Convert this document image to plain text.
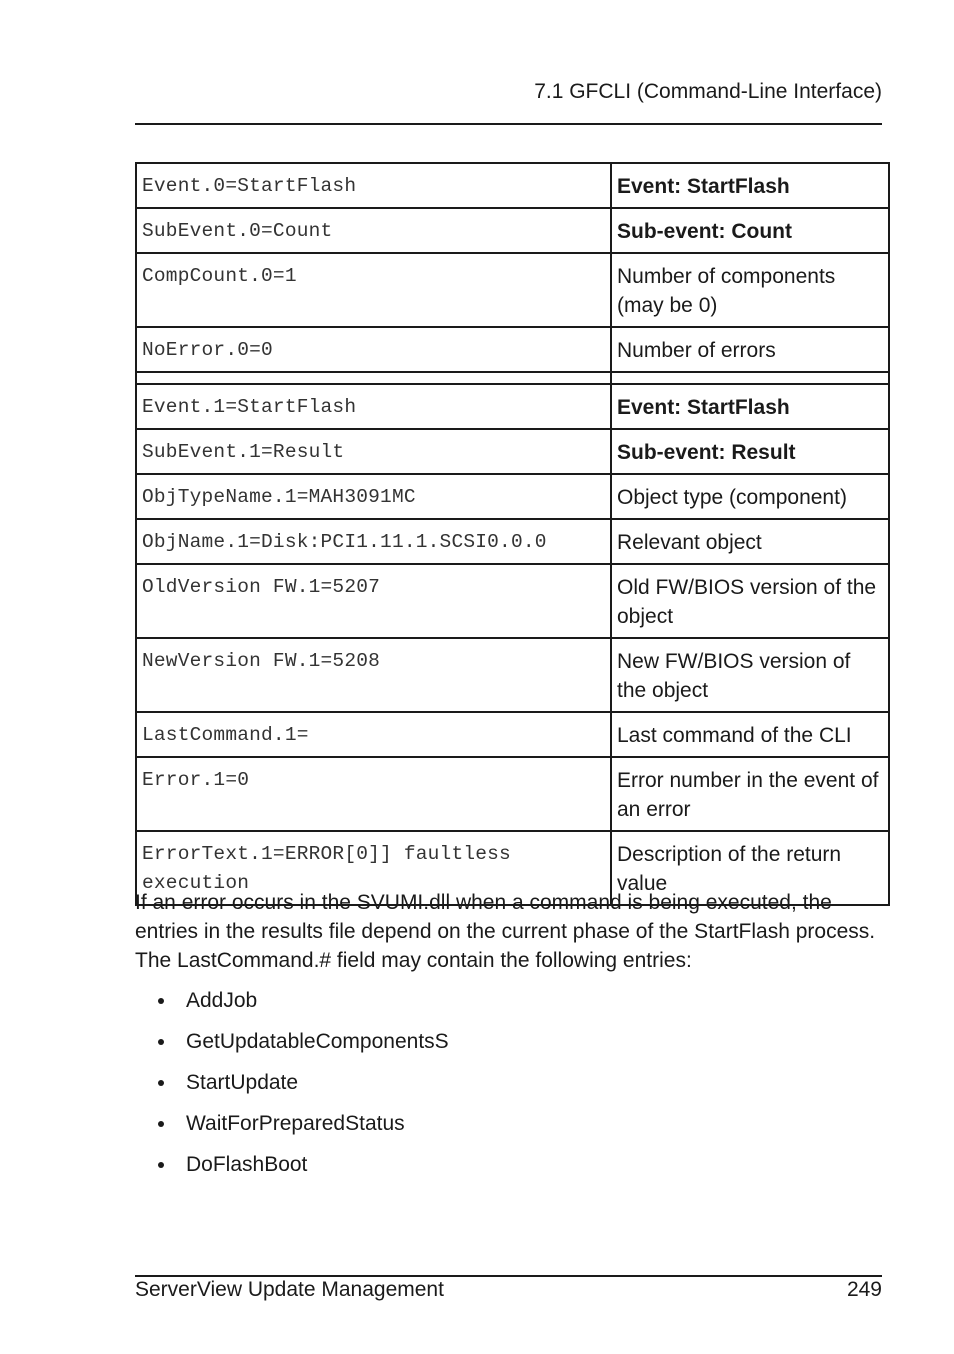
7.1 GFCLI (Command-Line Interface)
Event.0=StartFlash	Event: StartFlash
SubEvent.0=Count	Sub-event: Count
CompCount.0=1	Number of components (may be 0)
NoError.0=0	Number of errors

Event.1=StartFlash	Event: StartFlash
SubEvent.1=Result	Sub-event: Result
ObjTypeName.1=MAH3091MC	Object type (component)
ObjName.1=Disk:PCI1.11.1.SCSI0.0.0	Relevant object
OldVersion FW.1=5207	Old FW/BIOS version of the object
NewVersion FW.1=5208	New FW/BIOS version of the object
LastCommand.1=	Last command of the CLI
Error.1=0	Error number in the event of an error
ErrorText.1=ERROR[0]] faultless execution	Description of the return value

If an error occurs in the SVUMI.dll when a command is being executed, the entries in the results file depend on the current phase of the StartFlash process. The LastCommand.# field may contain the following entries:

AddJob
GetUpdatableComponentsS
StartUpdate
WaitForPreparedStatus
DoFlashBoot
ServerView Update Management	249
